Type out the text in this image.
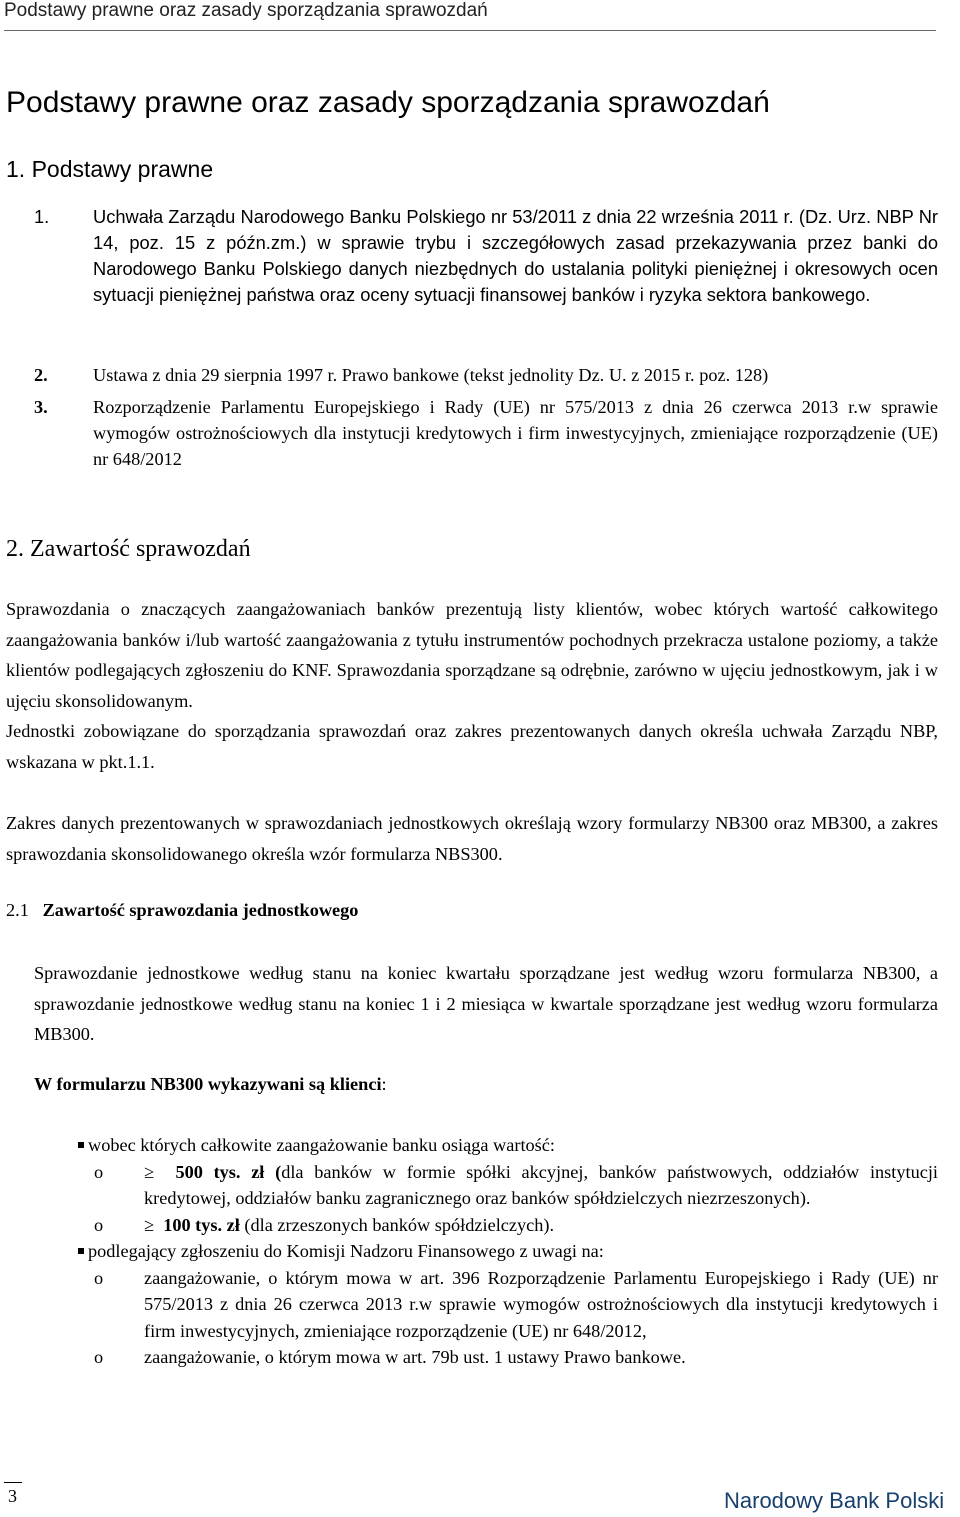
Podstawy prawne oraz zasady sporządzania sprawozdań
Podstawy prawne oraz zasady sporządzania sprawozdań
1. Podstawy prawne
1. Uchwała Zarządu Narodowego Banku Polskiego nr 53/2011 z dnia 22 września 2011 r. (Dz. Urz. NBP Nr 14, poz. 15 z późn.zm.) w sprawie trybu i szczegółowych zasad przekazywania przez banki do Narodowego Banku Polskiego danych niezbędnych do ustalania polityki pieniężnej i okresowych ocen sytuacji pieniężnej państwa oraz oceny sytuacji finansowej banków i ryzyka sektora bankowego.
2. Ustawa z dnia 29 sierpnia 1997 r. Prawo bankowe (tekst jednolity Dz. U. z 2015 r. poz. 128)
3. Rozporządzenie Parlamentu Europejskiego i Rady (UE) nr 575/2013 z dnia 26 czerwca 2013 r.w sprawie wymogów ostrożnościowych dla instytucji kredytowych i firm inwestycyjnych, zmieniające rozporządzenie (UE) nr 648/2012
2. Zawartość sprawozdań
Sprawozdania o znaczących zaangażowaniach banków prezentują listy klientów, wobec których wartość całkowitego zaangażowania banków i/lub wartość zaangażowania z tytułu instrumentów pochodnych przekracza ustalone poziomy, a także klientów podlegających zgłoszeniu do KNF. Sprawozdania sporządzane są odrębnie, zarówno w ujęciu jednostkowym, jak i w ujęciu skonsolidowanym.
Jednostki zobowiązane do sporządzania sprawozdań oraz zakres prezentowanych danych określa uchwała Zarządu NBP, wskazana w pkt.1.1.
Zakres danych prezentowanych w sprawozdaniach jednostkowych określają wzory formularzy NB300 oraz MB300, a zakres sprawozdania skonsolidowanego określa wzór formularza NBS300.
2.1 Zawartość sprawozdania jednostkowego
Sprawozdanie jednostkowe według stanu na koniec kwartału sporządzane jest według wzoru formularza NB300, a sprawozdanie jednostkowe według stanu na koniec 1 i 2 miesiąca w kwartale sporządzane jest według wzoru formularza MB300.
W formularzu NB300 wykazywani są klienci:
wobec których całkowite zaangażowanie banku osiąga wartość:
o ≥ 500 tys. zł (dla banków w formie spółki akcyjnej, banków państwowych, oddziałów instytucji kredytowej, oddziałów banku zagranicznego oraz banków spółdzielczych niezrzeszonych).
o ≥ 100 tys. zł (dla zrzeszonych banków spółdzielczych).
podlegający zgłoszeniu do Komisji Nadzoru Finansowego z uwagi na:
o zaangażowanie, o którym mowa w art. 396 Rozporządzenie Parlamentu Europejskiego i Rady (UE) nr 575/2013 z dnia 26 czerwca 2013 r.w sprawie wymogów ostrożnościowych dla instytucji kredytowych i firm inwestycyjnych, zmieniające rozporządzenie (UE) nr 648/2012,
o zaangażowanie, o którym mowa w art. 79b ust. 1 ustawy Prawo bankowe.
3	Narodowy Bank Polski
